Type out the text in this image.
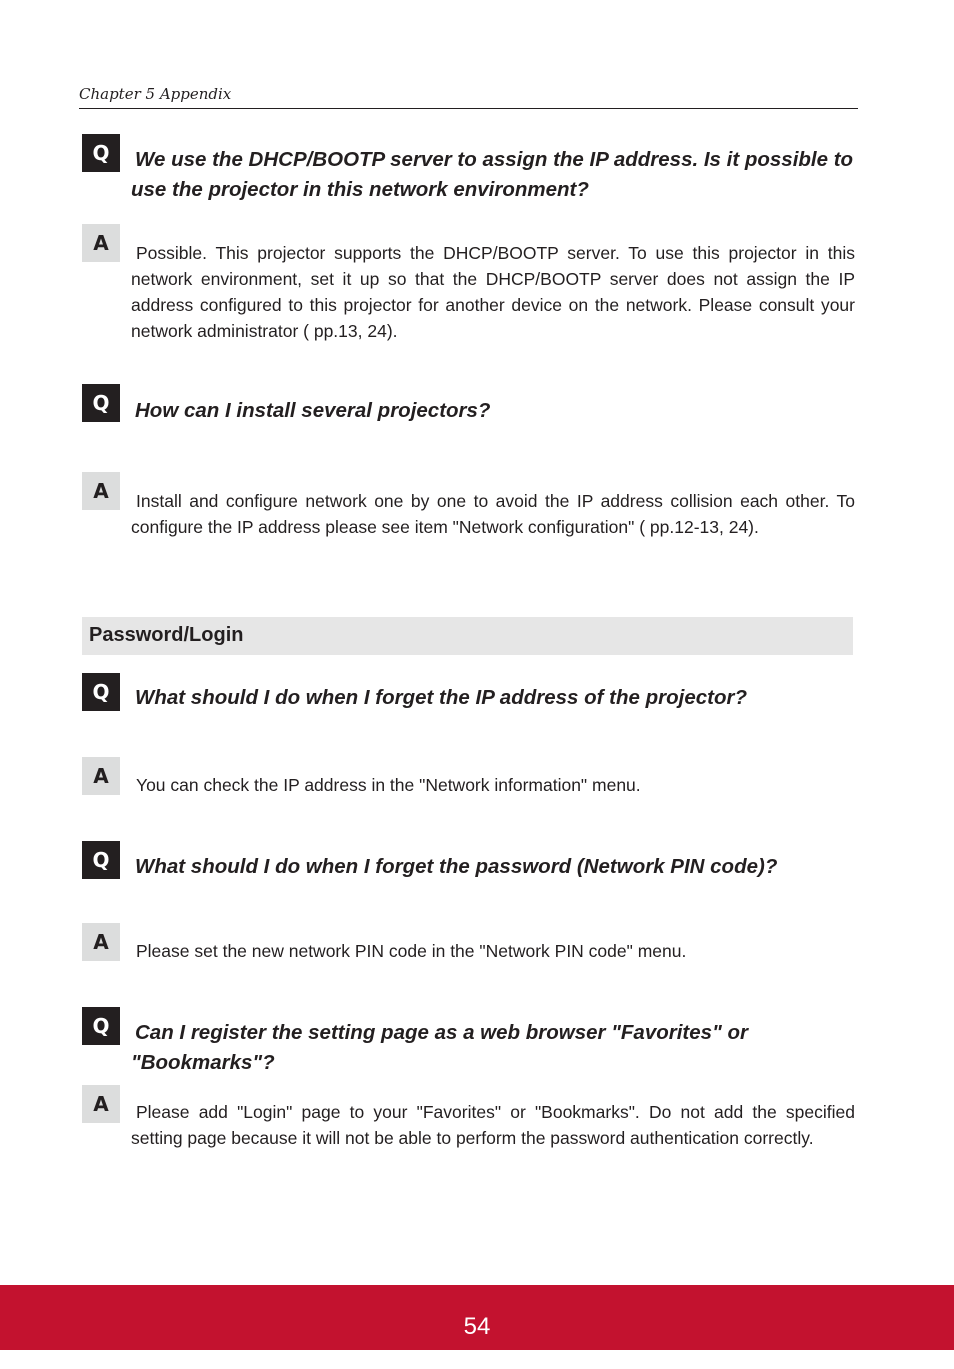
Chapter 5 Appendix
Q	We use the DHCP/BOOTP server to assign the IP address. Is it possible to use the projector in this network environment?

A	Possible. This projector supports the DHCP/BOOTP server. To use this projector in this network environment, set it up so that the DHCP/BOOTP server does not assign the IP address configured to this projector for another device on the network. Please consult your network administrator ( pp.13, 24).

Q	How can I install several projectors?

A	Install and configure network one by one to avoid the IP address collision each other. To configure the IP address please see item "Network configuration" ( pp.12-13, 24).

Password/Login
Q	What should I do when I forget the IP address of the projector?

A	You can check the IP address in the "Network information" menu.

Q	What should I do when I forget the password (Network PIN code)?

A	Please set the new network PIN code in the "Network PIN code" menu.

Q	Can I register the setting page as a web browser "Favorites" or "Bookmarks"?

A	Please add "Login" page to your "Favorites" or "Bookmarks". Do not add the specified setting page because it will not be able to perform the password authentication correctly.

54
